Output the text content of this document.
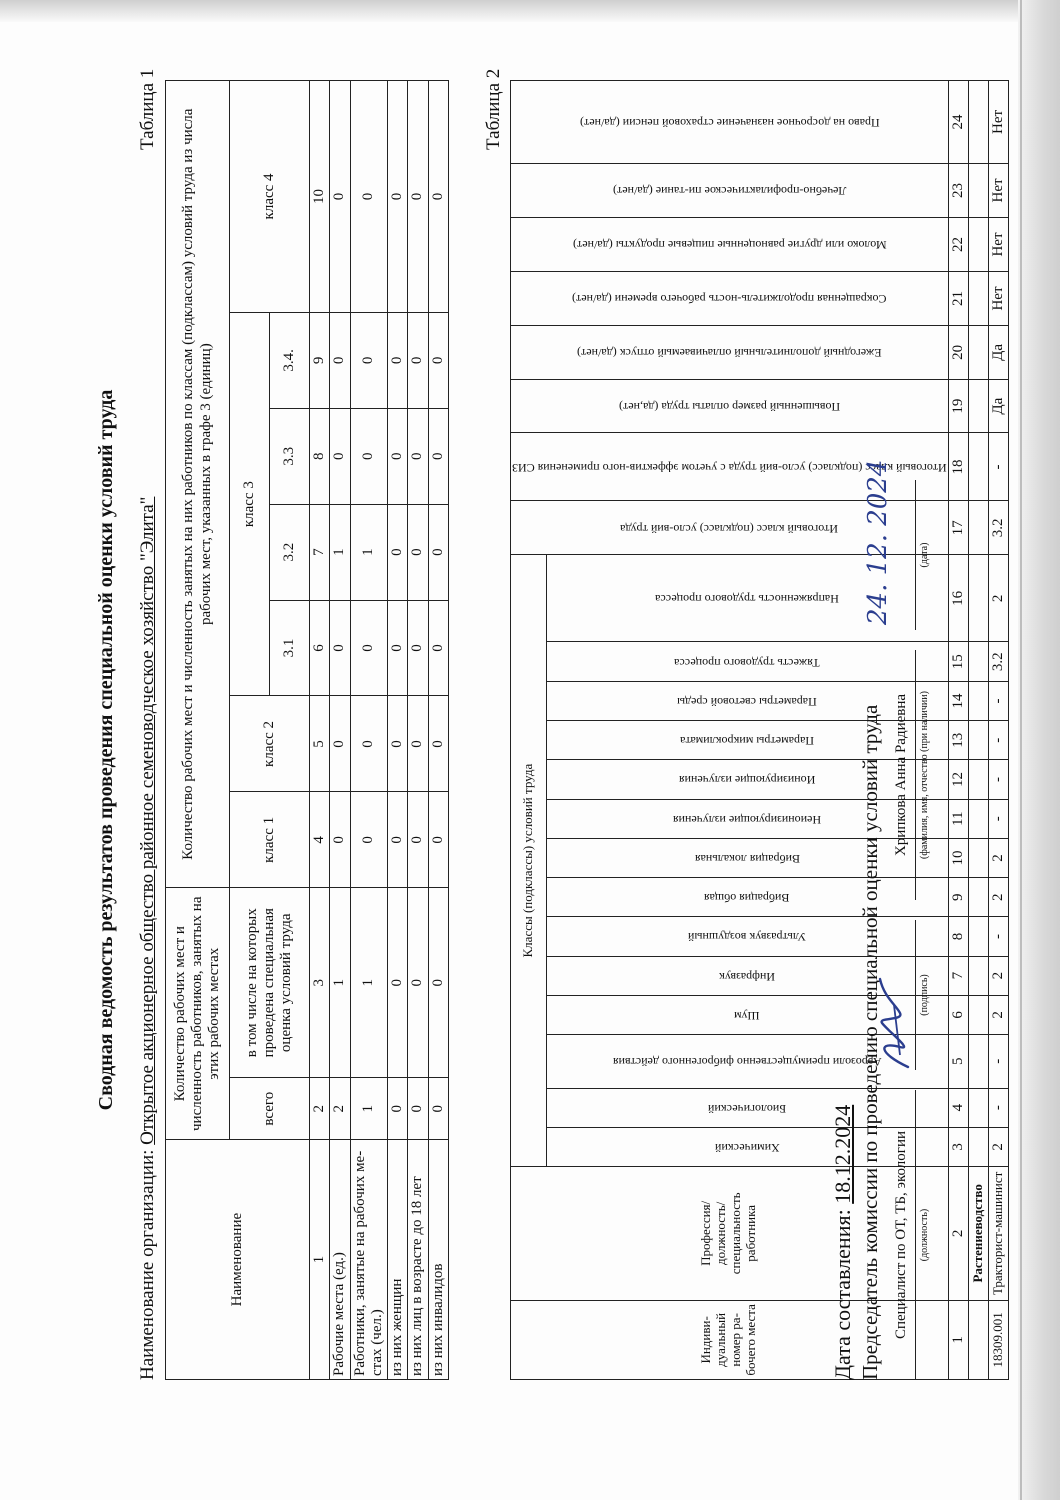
Сводная ведомость результатов проведения специальной оценки условий труда
Наименование организации: Открытое акционерное общество районное семеноводческое хозяйство "Элита"
Таблица 1
Наименование	Количество рабочих мест и численность работников, занятых на этих рабочих местах		Количество рабочих мест и численность занятых на них работников по классам (подклассам) условий труда из числа рабочих мест, указанных в графе 3 (единиц)						
	всего	в том числе на которых проведена специальная оценка условий труда	класс 1	класс 2	класс 3				класс 4
					3.1	3.2	3.3	3.4.	
1	2	3	4	5	6	7	8	9	10
Рабочие места (ед.)	2	1	0	0	0	1	0	0	0
Работники, занятые на рабочих ме-стах (чел.)	1	1	0	0	0	1	0	0	0
из них женщин	0	0	0	0	0	0	0	0	0
из них лиц в возрасте до 18 лет	0	0	0	0	0	0	0	0	0
из них инвалидов	0	0	0	0	0	0	0	0	0
Таблица 2
Индиви-дуальный номер ра-бочего места	Профессия/ должность/ специальность работника	Классы (подклассы) условий труда														Итоговый класс (подкласс) усло-вий труда	Итоговый класс (подкласс) усло-вий труда с учетом эффектив-ного применения СИЗ	Повышенный размер оплаты труда (да,нет)	Ежегодный дополнительный оплачиваемый отпуск (да/нет)	Сокращенная продолжитель-ность рабочего времени (да/нет)	Молоко или другие равноценные пищевые продукты (да/нет)	Лечебно-профилактическое пи-тание (да/нет)	Право на досрочное назначение страховой пенсии (да/нет)

		Химический	Биологический	Аэрозоли преимущественно фиброгенного действия	Шум	Инфразвук	Ультразвук воздушный	Вибрация общая	Вибрация локальная	Неионизирующие излучения	Ионизирующие излучения	Параметры микроклимата	Параметры световой среды	Тяжесть трудового процесса	Напряженность трудового процесса								

1	2	3	4	5	6	7	8	9	10	11	12	13	14	15	16	17	18	19	20	21	22	23	24
	Растениеводство																						
18309.001	Тракторист-машинист	2	-	-	2	2	-	2	2	-	-	-	-	3.2	2	3.2	-	Да	Да	Нет	Нет	Нет	Нет
Дата составления: 18.12.2024 Председатель комиссии по проведению специальной оценки условий труда Специалист по ОТ, ТБ, экологии	(должность)
(подпись)
Хрипкова Анна Радиевна	(фамилия, имя, отчество (при наличии)
(дата)
24. 12. 2024
